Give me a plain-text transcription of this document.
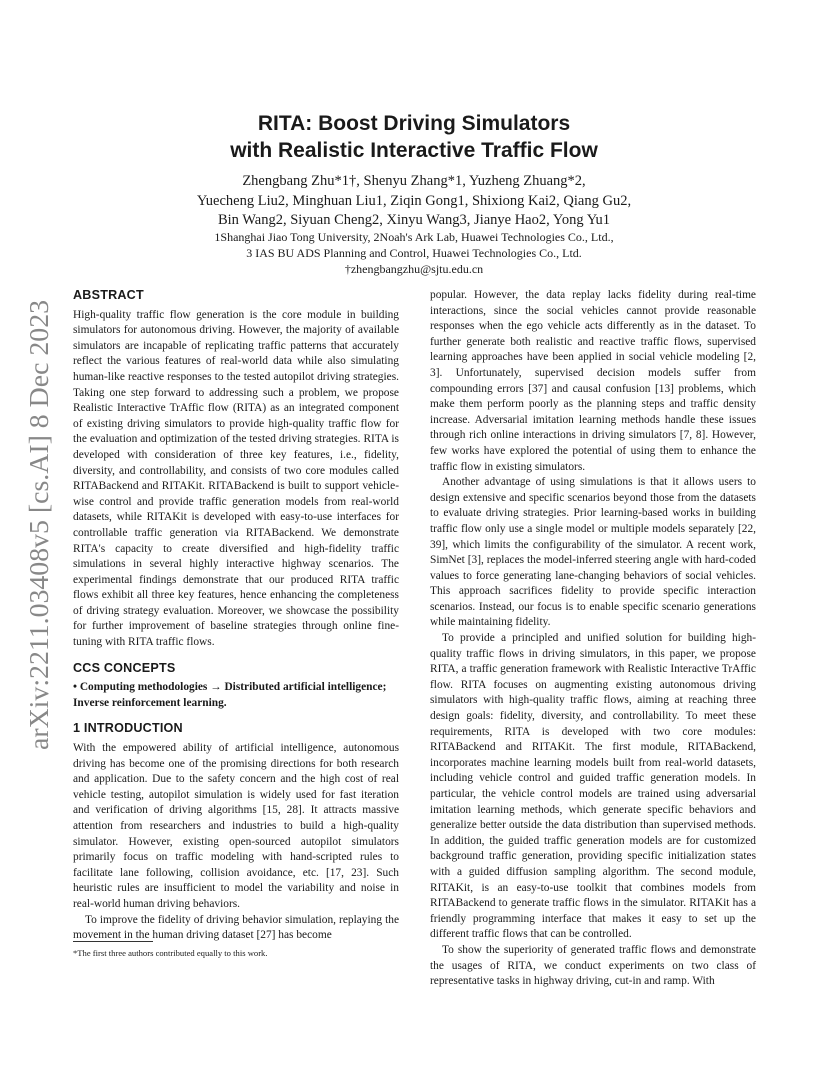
arXiv:2211.03408v5 [cs.AI] 8 Dec 2023
RITA: Boost Driving Simulators
with Realistic Interactive Traffic Flow
Zhengbang Zhu*1†, Shenyu Zhang*1, Yuzheng Zhuang*2,
Yuecheng Liu2, Minghuan Liu1, Ziqin Gong1, Shixiong Kai2, Qiang Gu2,
Bin Wang2, Siyuan Cheng2, Xinyu Wang3, Jianye Hao2, Yong Yu1
1Shanghai Jiao Tong University, 2Noah's Ark Lab, Huawei Technologies Co., Ltd.,
3 IAS BU ADS Planning and Control, Huawei Technologies Co., Ltd.
†zhengbangzhu@sjtu.edu.cn
ABSTRACT

High-quality traffic flow generation is the core module in building simulators for autonomous driving. However, the majority of available simulators are incapable of replicating traffic patterns that accurately reflect the various features of real-world data while also simulating human-like reactive responses to the tested autopilot driving strategies. Taking one step forward to addressing such a problem, we propose Realistic Interactive TrAffic flow (RITA) as an integrated component of existing driving simulators to provide high-quality traffic flow for the evaluation and optimization of the tested driving strategies. RITA is developed with consideration of three key features, i.e., fidelity, diversity, and controllability, and consists of two core modules called RITABackend and RITAKit. RITABackend is built to support vehicle-wise control and provide traffic generation models from real-world datasets, while RITAKit is developed with easy-to-use interfaces for controllable traffic generation via RITABackend. We demonstrate RITA's capacity to create diversified and high-fidelity traffic simulations in several highly interactive highway scenarios. The experimental findings demonstrate that our produced RITA traffic flows exhibit all three key features, hence enhancing the completeness of driving strategy evaluation. Moreover, we showcase the possibility for further improvement of baseline strategies through online fine-tuning with RITA traffic flows.

CCS CONCEPTS

• Computing methodologies → Distributed artificial intelligence; Inverse reinforcement learning.

1 INTRODUCTION

With the empowered ability of artificial intelligence, autonomous driving has become one of the promising directions for both research and application. Due to the safety concern and the high cost of real vehicle testing, autopilot simulation is widely used for fast iteration and verification of driving algorithms [15, 28]. It attracts massive attention from researchers and industries to build a high-quality simulator. However, existing open-sourced autopilot simulators primarily focus on traffic modeling with hand-scripted rules to facilitate lane following, collision avoidance, etc. [17, 23]. Such heuristic rules are insufficient to model the variability and noise in real-world human driving behaviors.

To improve the fidelity of driving behavior simulation, replaying the movement in the human driving dataset [27] has become

*The first three authors contributed equally to this work.

popular. However, the data replay lacks fidelity during real-time interactions, since the social vehicles cannot provide reasonable responses when the ego vehicle acts differently as in the dataset. To further generate both realistic and reactive traffic flows, supervised learning approaches have been applied in social vehicle modeling [2, 3]. Unfortunately, supervised decision models suffer from compounding errors [37] and causal confusion [13] problems, which make them perform poorly as the planning steps and traffic density increase. Adversarial imitation learning methods handle these issues through rich online interactions in driving simulators [7, 8]. However, few works have explored the potential of using them to enhance the traffic flow in existing simulators.

Another advantage of using simulations is that it allows users to design extensive and specific scenarios beyond those from the datasets to evaluate driving strategies. Prior learning-based works in building traffic flow only use a single model or multiple models separately [22, 39], which limits the configurability of the simulator. A recent work, SimNet [3], replaces the model-inferred steering angle with hard-coded values to force generating lane-changing behaviors of social vehicles. This approach sacrifices fidelity to provide specific interaction scenarios. Instead, our focus is to enable specific scenario generations while maintaining fidelity.

To provide a principled and unified solution for building high-quality traffic flows in driving simulators, in this paper, we propose RITA, a traffic generation framework with Realistic Interactive TrAffic flow. RITA focuses on augmenting existing autonomous driving simulators with high-quality traffic flows, aiming at reaching three design goals: fidelity, diversity, and controllability. To meet these requirements, RITA is developed with two core modules: RITABackend and RITAKit. The first module, RITABackend, incorporates machine learning models built from real-world datasets, including vehicle control and guided traffic generation models. In particular, the vehicle control models are trained using adversarial imitation learning methods, which generate specific behaviors and generalize better outside the data distribution than supervised methods. In addition, the guided traffic generation models are for customized background traffic generation, providing specific initialization states with a guided diffusion sampling algorithm. The second module, RITAKit, is an easy-to-use toolkit that combines models from RITABackend to generate traffic flows in the simulator. RITAKit has a friendly programming interface that makes it easy to set up the different traffic flows that can be controlled.

To show the superiority of generated traffic flows and demonstrate the usages of RITA, we conduct experiments on two class of representative tasks in highway driving, cut-in and ramp. With
